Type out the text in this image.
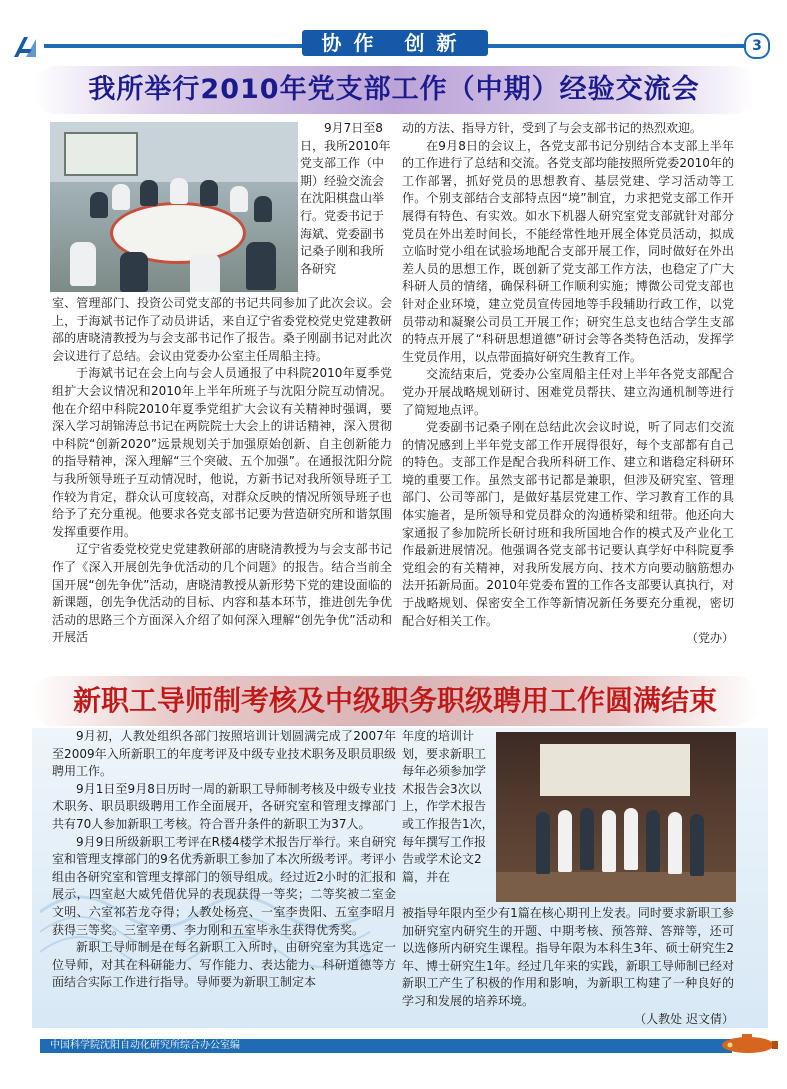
协作 创新	3
我所举行2010年党支部工作（中期）经验交流会

9月7日至8日，我所2010年党支部工作（中期）经验交流会在沈阳棋盘山举行。党委书记于海斌、党委副书记桑子刚和我所各研究

室、管理部门、投资公司党支部的书记共同参加了此次会议。会上，于海斌书记作了动员讲话，来自辽宁省委党校党史党建教研部的唐晓清教授为与会支部书记作了报告。桑子刚副书记对此次会议进行了总结。会议由党委办公室主任周船主持。

于海斌书记在会上向与会人员通报了中科院2010年夏季党组扩大会议情况和2010年上半年所班子与沈阳分院互动情况。他在介绍中科院2010年夏季党组扩大会议有关精神时强调，要深入学习胡锦涛总书记在两院院士大会上的讲话精神，深入贯彻中科院“创新2020”远景规划关于加强原始创新、自主创新能力的指导精神，深入理解“三个突破、五个加强”。在通报沈阳分院与我所领导班子互动情况时，他说，方新书记对我所领导班子工作较为肯定，群众认可度较高，对群众反映的情况所领导班子也给予了充分重视。他要求各党支部书记要为营造研究所和谐氛围发挥重要作用。

辽宁省委党校党史党建教研部的唐晓清教授为与会支部书记作了《深入开展创先争优活动的几个问题》的报告。结合当前全国开展“创先争优”活动，唐晓清教授从新形势下党的建设面临的新课题，创先争优活动的目标、内容和基本环节，推进创先争优活动的思路三个方面深入介绍了如何深入理解“创先争优”活动和开展活

动的方法、指导方针，受到了与会支部书记的热烈欢迎。

在9月8日的会议上，各党支部书记分别结合本支部上半年的工作进行了总结和交流。各党支部均能按照所党委2010年的工作部署，抓好党员的思想教育、基层党建、学习活动等工作。个别支部结合支部特点因“境”制宜，力求把党支部工作开展得有特色、有实效。如水下机器人研究室党支部就针对部分党员在外出差时间长，不能经常性地开展全体党员活动，拟成立临时党小组在试验场地配合支部开展工作，同时做好在外出差人员的思想工作，既创新了党支部工作方法，也稳定了广大科研人员的情绪，确保科研工作顺利实施；博微公司党支部也针对企业环境，建立党员宣传园地等手段辅助行政工作，以党员带动和凝聚公司员工开展工作；研究生总支也结合学生支部的特点开展了“科研思想道德”研讨会等各类特色活动，发挥学生党员作用，以点带面搞好研究生教育工作。

交流结束后，党委办公室周船主任对上半年各党支部配合党办开展战略规划研讨、困难党员帮扶、建立沟通机制等进行了简短地点评。

党委副书记桑子刚在总结此次会议时说，听了同志们交流的情况感到上半年党支部工作开展得很好，每个支部都有自己的特色。支部工作是配合我所科研工作、建立和谐稳定科研环境的重要工作。虽然支部书记都是兼职，但涉及研究室、管理部门、公司等部门，是做好基层党建工作、学习教育工作的具体实施者，是所领导和党员群众的沟通桥梁和纽带。他还向大家通报了参加院所长研讨班和我所国地合作的模式及产业化工作最新进展情况。他强调各党支部书记要认真学好中科院夏季党组会的有关精神，对我所发展方向、技术方向要动脑筋想办法开拓新局面。2010年党委布置的工作各支部要认真执行，对于战略规划、保密安全工作等新情况新任务要充分重视，密切配合好相关工作。

（党办）
新职工导师制考核及中级职务职级聘用工作圆满结束

9月初，人教处组织各部门按照培训计划圆满完成了2007年至2009年入所新职工的年度考评及中级专业技术职务及职员职级聘用工作。

9月1日至9月8日历时一周的新职工导师制考核及中级专业技术职务、职员职级聘用工作全面展开，各研究室和管理支撑部门共有70人参加新职工考核。符合晋升条件的新职工为37人。

9月9日所级新职工考评在R楼4楼学术报告厅举行。来自研究室和管理支撑部门的9名优秀新职工参加了本次所级考评。考评小组由各研究室和管理支撑部门的领导组成。经过近2小时的汇报和展示，四室赵大威凭借优异的表现获得一等奖；二等奖被二室金文明、六室祁若龙夺得；人教处杨亮、一室李贵阳、五室李昭月获得三等奖。三室辛勇、李力刚和五室毕永生获得优秀奖。

新职工导师制是在每名新职工入所时，由研究室为其选定一位导师，对其在科研能力、写作能力、表达能力、科研道德等方面结合实际工作进行指导。导师要为新职工制定本

年度的培训计划，要求新职工每年必须参加学术报告会3次以上，作学术报告或工作报告1次，每年撰写工作报告或学术论文2篇，并在

被指导年限内至少有1篇在核心期刊上发表。同时要求新职工参加研究室内研究生的开题、中期考核、预答辩、答辩等，还可以选修所内研究生课程。指导年限为本科生3年、硕士研究生2年、博士研究生1年。经过几年来的实践，新职工导师制已经对新职工产生了积极的作用和影响，为新职工构建了一种良好的学习和发展的培养环境。

（人教处 迟文倩）
中国科学院沈阳自动化研究所综合办公室编
